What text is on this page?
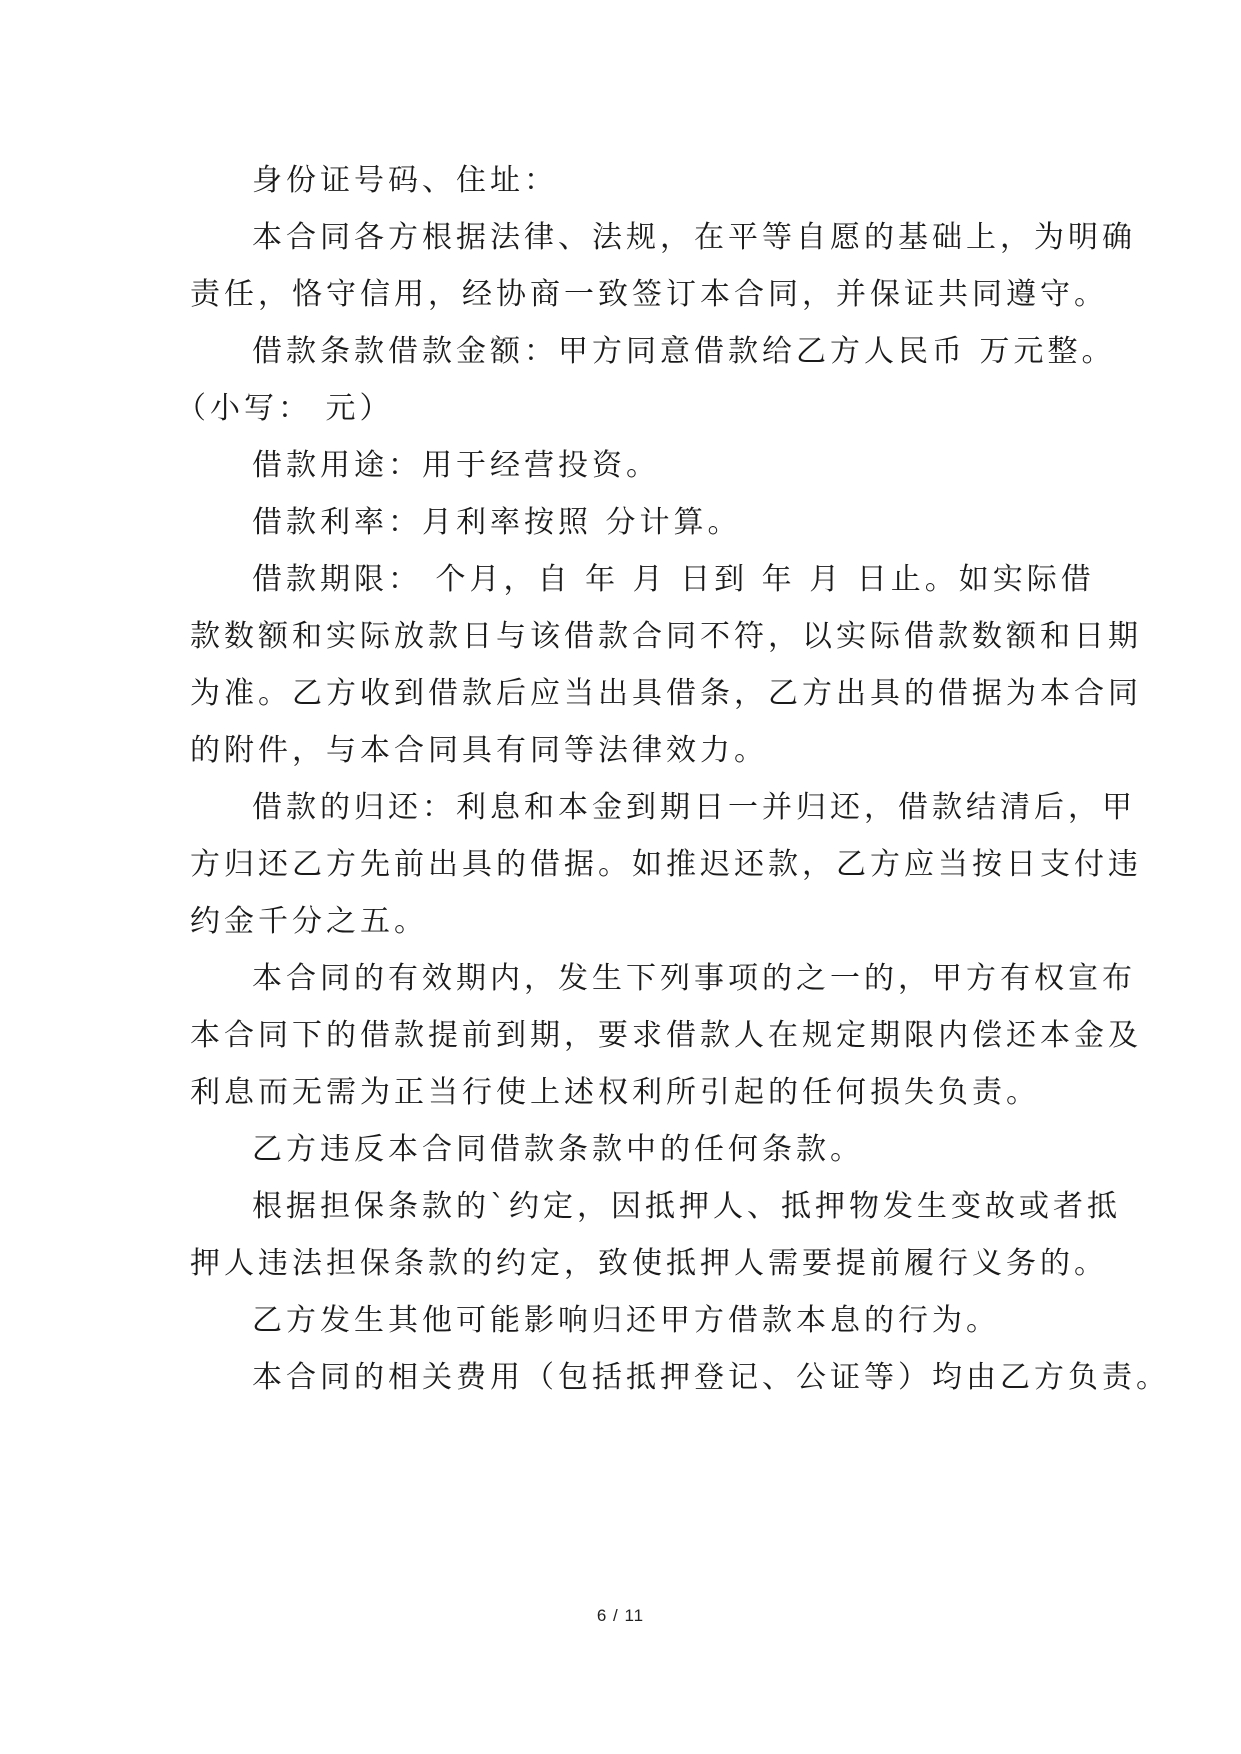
身份证号码、住址：
本合同各方根据法律、法规，在平等自愿的基础上，为明确
责任，恪守信用，经协商一致签订本合同，并保证共同遵守。
借款条款借款金额：甲方同意借款给乙方人民币 万元整。
（小写： 元）
借款用途：用于经营投资。
借款利率：月利率按照 分计算。
借款期限： 个月，自 年 月 日到 年 月 日止。如实际借
款数额和实际放款日与该借款合同不符，以实际借款数额和日期
为准。乙方收到借款后应当出具借条，乙方出具的借据为本合同
的附件，与本合同具有同等法律效力。
借款的归还：利息和本金到期日一并归还，借款结清后，甲
方归还乙方先前出具的借据。如推迟还款，乙方应当按日支付违
约金千分之五。
本合同的有效期内，发生下列事项的之一的，甲方有权宣布
本合同下的借款提前到期，要求借款人在规定期限内偿还本金及
利息而无需为正当行使上述权利所引起的任何损失负责。
乙方违反本合同借款条款中的任何条款。
根据担保条款的`约定，因抵押人、抵押物发生变故或者抵
押人违法担保条款的约定，致使抵押人需要提前履行义务的。
乙方发生其他可能影响归还甲方借款本息的行为。
本合同的相关费用（包括抵押登记、公证等）均由乙方负责。
6 / 11
